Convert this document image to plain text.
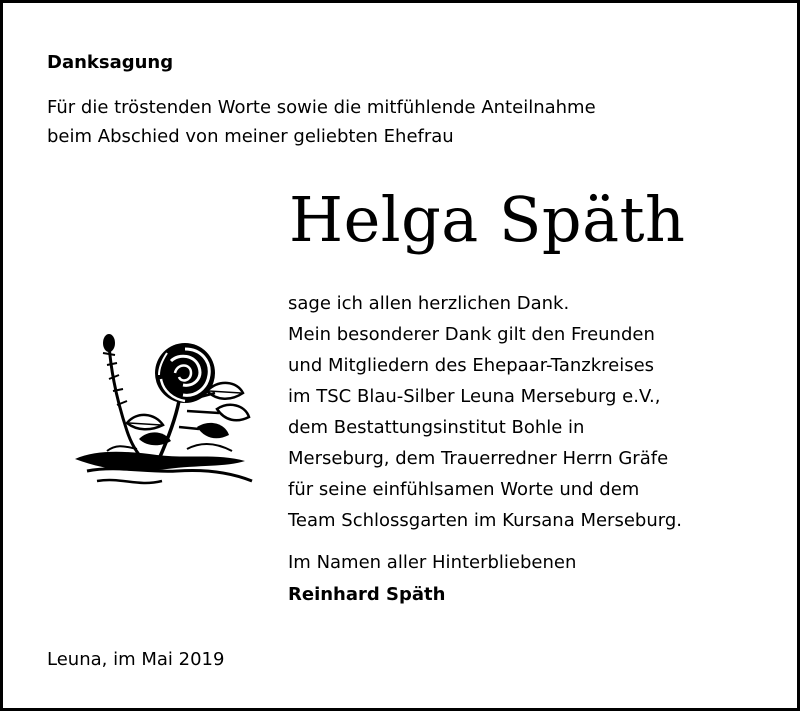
Danksagung
Für die tröstenden Worte sowie die mitfühlende Anteilnahme
beim Abschied von meiner geliebten Ehefrau
Helga Späth
sage ich allen herzlichen Dank.
Mein besonderer Dank gilt den Freunden
und Mitgliedern des Ehepaar-Tanzkreises
im TSC Blau-Silber Leuna Merseburg e.V.,
dem Bestattungsinstitut Bohle in
Merseburg, dem Trauerredner Herrn Gräfe
für seine einfühlsamen Worte und dem
Team Schlossgarten im Kursana Merseburg.
Im Namen aller Hinterbliebenen
Reinhard Späth
Leuna, im Mai 2019
